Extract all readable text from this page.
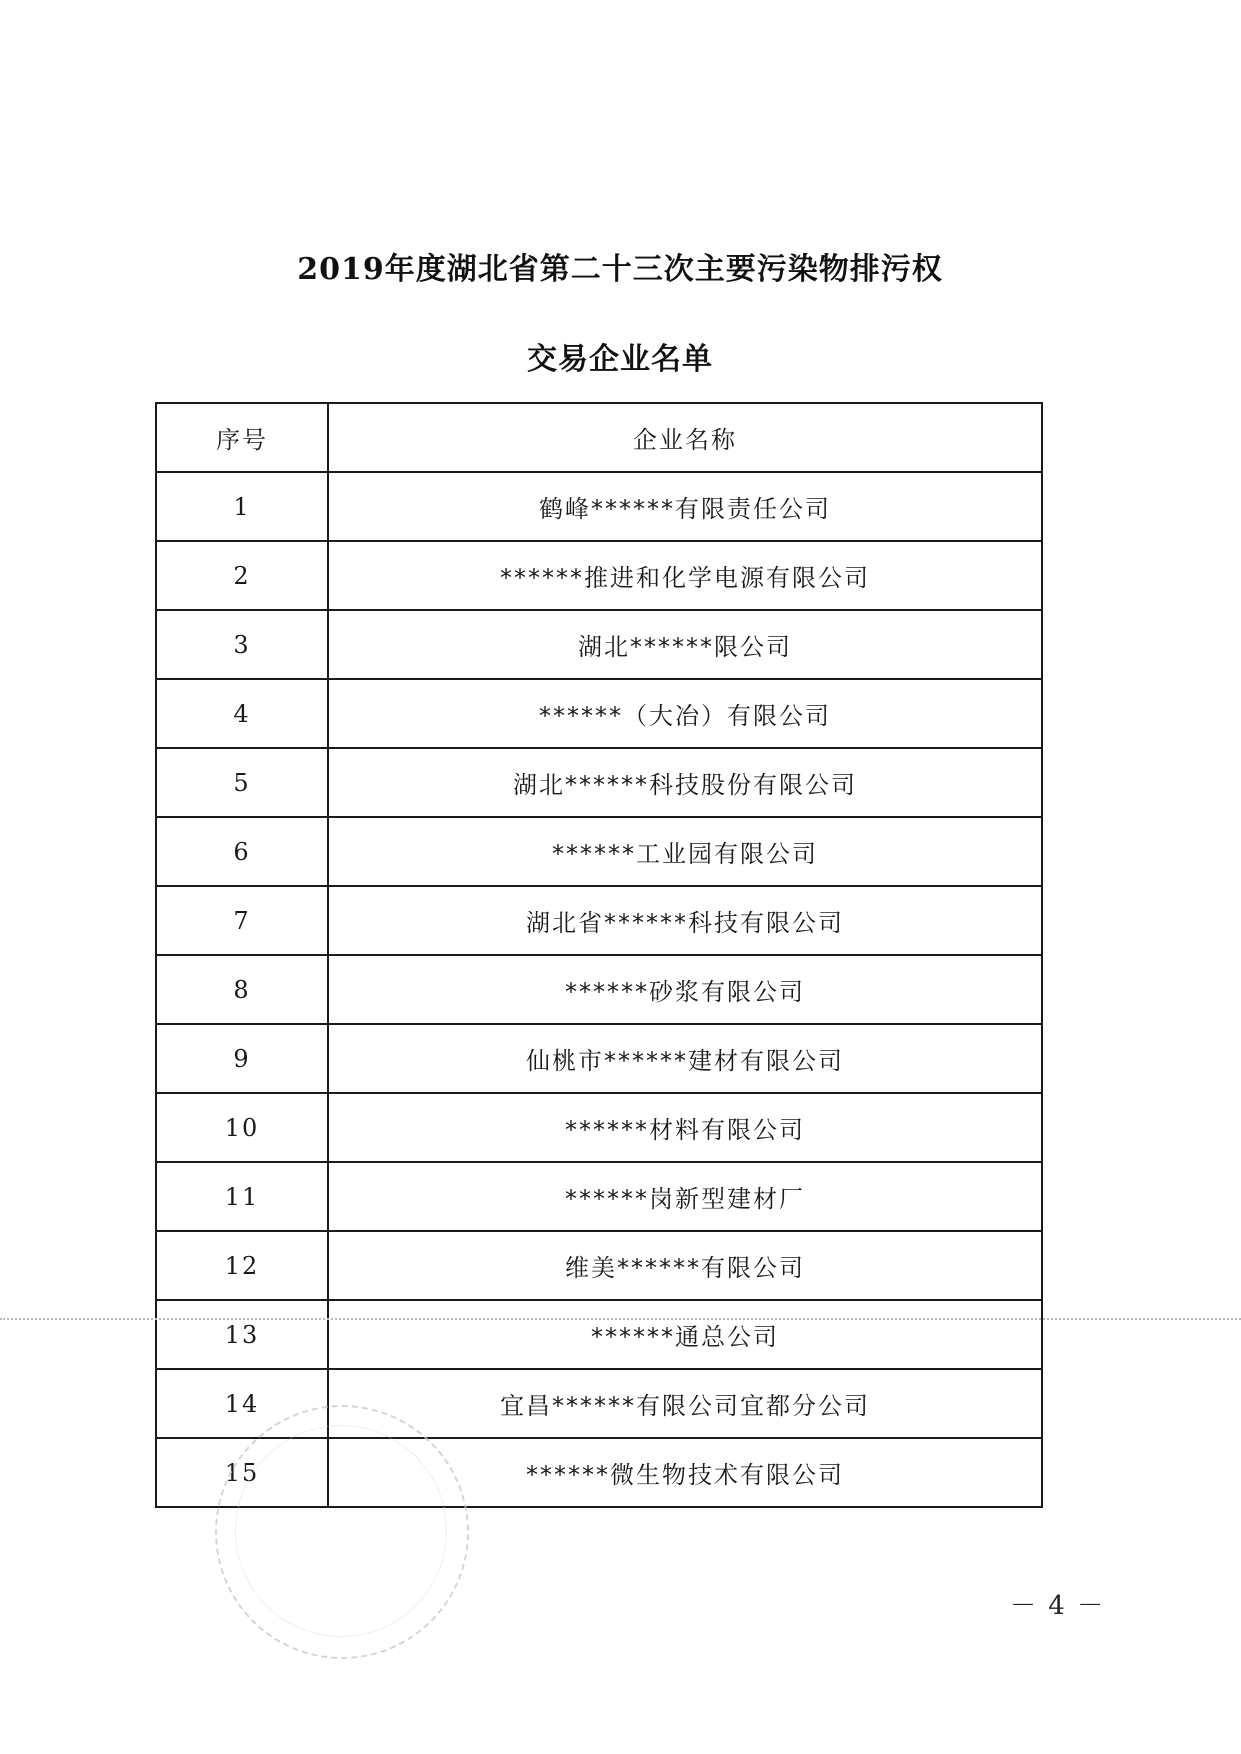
2019年度湖北省第二十三次主要污染物排污权
交易企业名单
序号	企业名称
1	鹤峰******有限责任公司
2	******推进和化学电源有限公司
3	湖北******限公司
4	******（大冶）有限公司
5	湖北******科技股份有限公司
6	******工业园有限公司
7	湖北省******科技有限公司
8	******砂浆有限公司
9	仙桃市******建材有限公司
10	******材料有限公司
11	******岗新型建材厂
12	维美******有限公司
13	******通总公司
14	宜昌******有限公司宜都分公司
15	******微生物技术有限公司
－ 4 －
